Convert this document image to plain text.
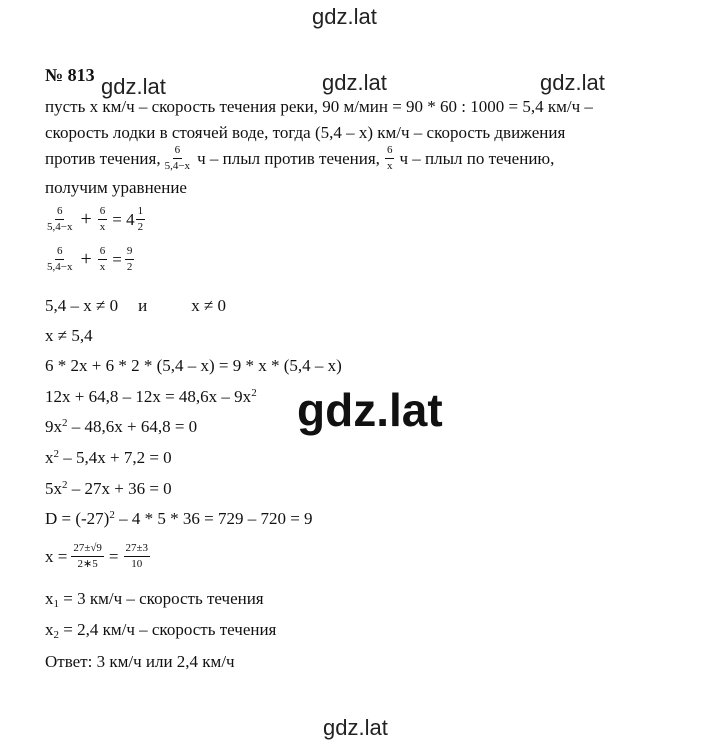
gdz.lat
gdz.lat	gdz.lat	gdz.lat
gdz.lat
gdz.lat
№ 813
пусть x км/ч – скорость течения реки, 90 м/мин = 90 * 60 : 1000 = 5,4 км/ч –
скорость лодки в стоячей воде, тогда (5,4 – x) км/ч – скорость движения
против течения, $\frac{6}{5,4-x}$ ч – плыл против течения, $\frac{6}{x}$ ч – плыл по течению,
получим уравнение
$\frac{6}{5,4-x} + \frac{6}{x} = 4 \frac{1}{2}$
$\frac{6}{5,4-x} + \frac{6}{x} = \frac{9}{2}$
5,4 – x ≠ 0 и	x ≠ 0
x ≠ 5,4
6 * 2x + 6 * 2 * (5,4 – x) = 9 * x * (5,4 – x)
$12x + 64,8 - 12x = 48,6x - 9x^2$
$9x^2 - 48,6x + 64,8 = 0$
$x^2 - 5,4x + 7,2 = 0$
$5x^2 - 27x + 36 = 0$
$D = (-27)^2 - 4 * 5 * 36 = 729 - 720 = 9$
$x = \frac{27\pm√9}{2∗5} = \frac{27\pm 3}{10}$
$x_1 = 3$ км/ч – скорость течения
$x_2 = 2,4$ км/ч – скорость течения
Ответ: 3 км/ч или 2,4 км/ч
